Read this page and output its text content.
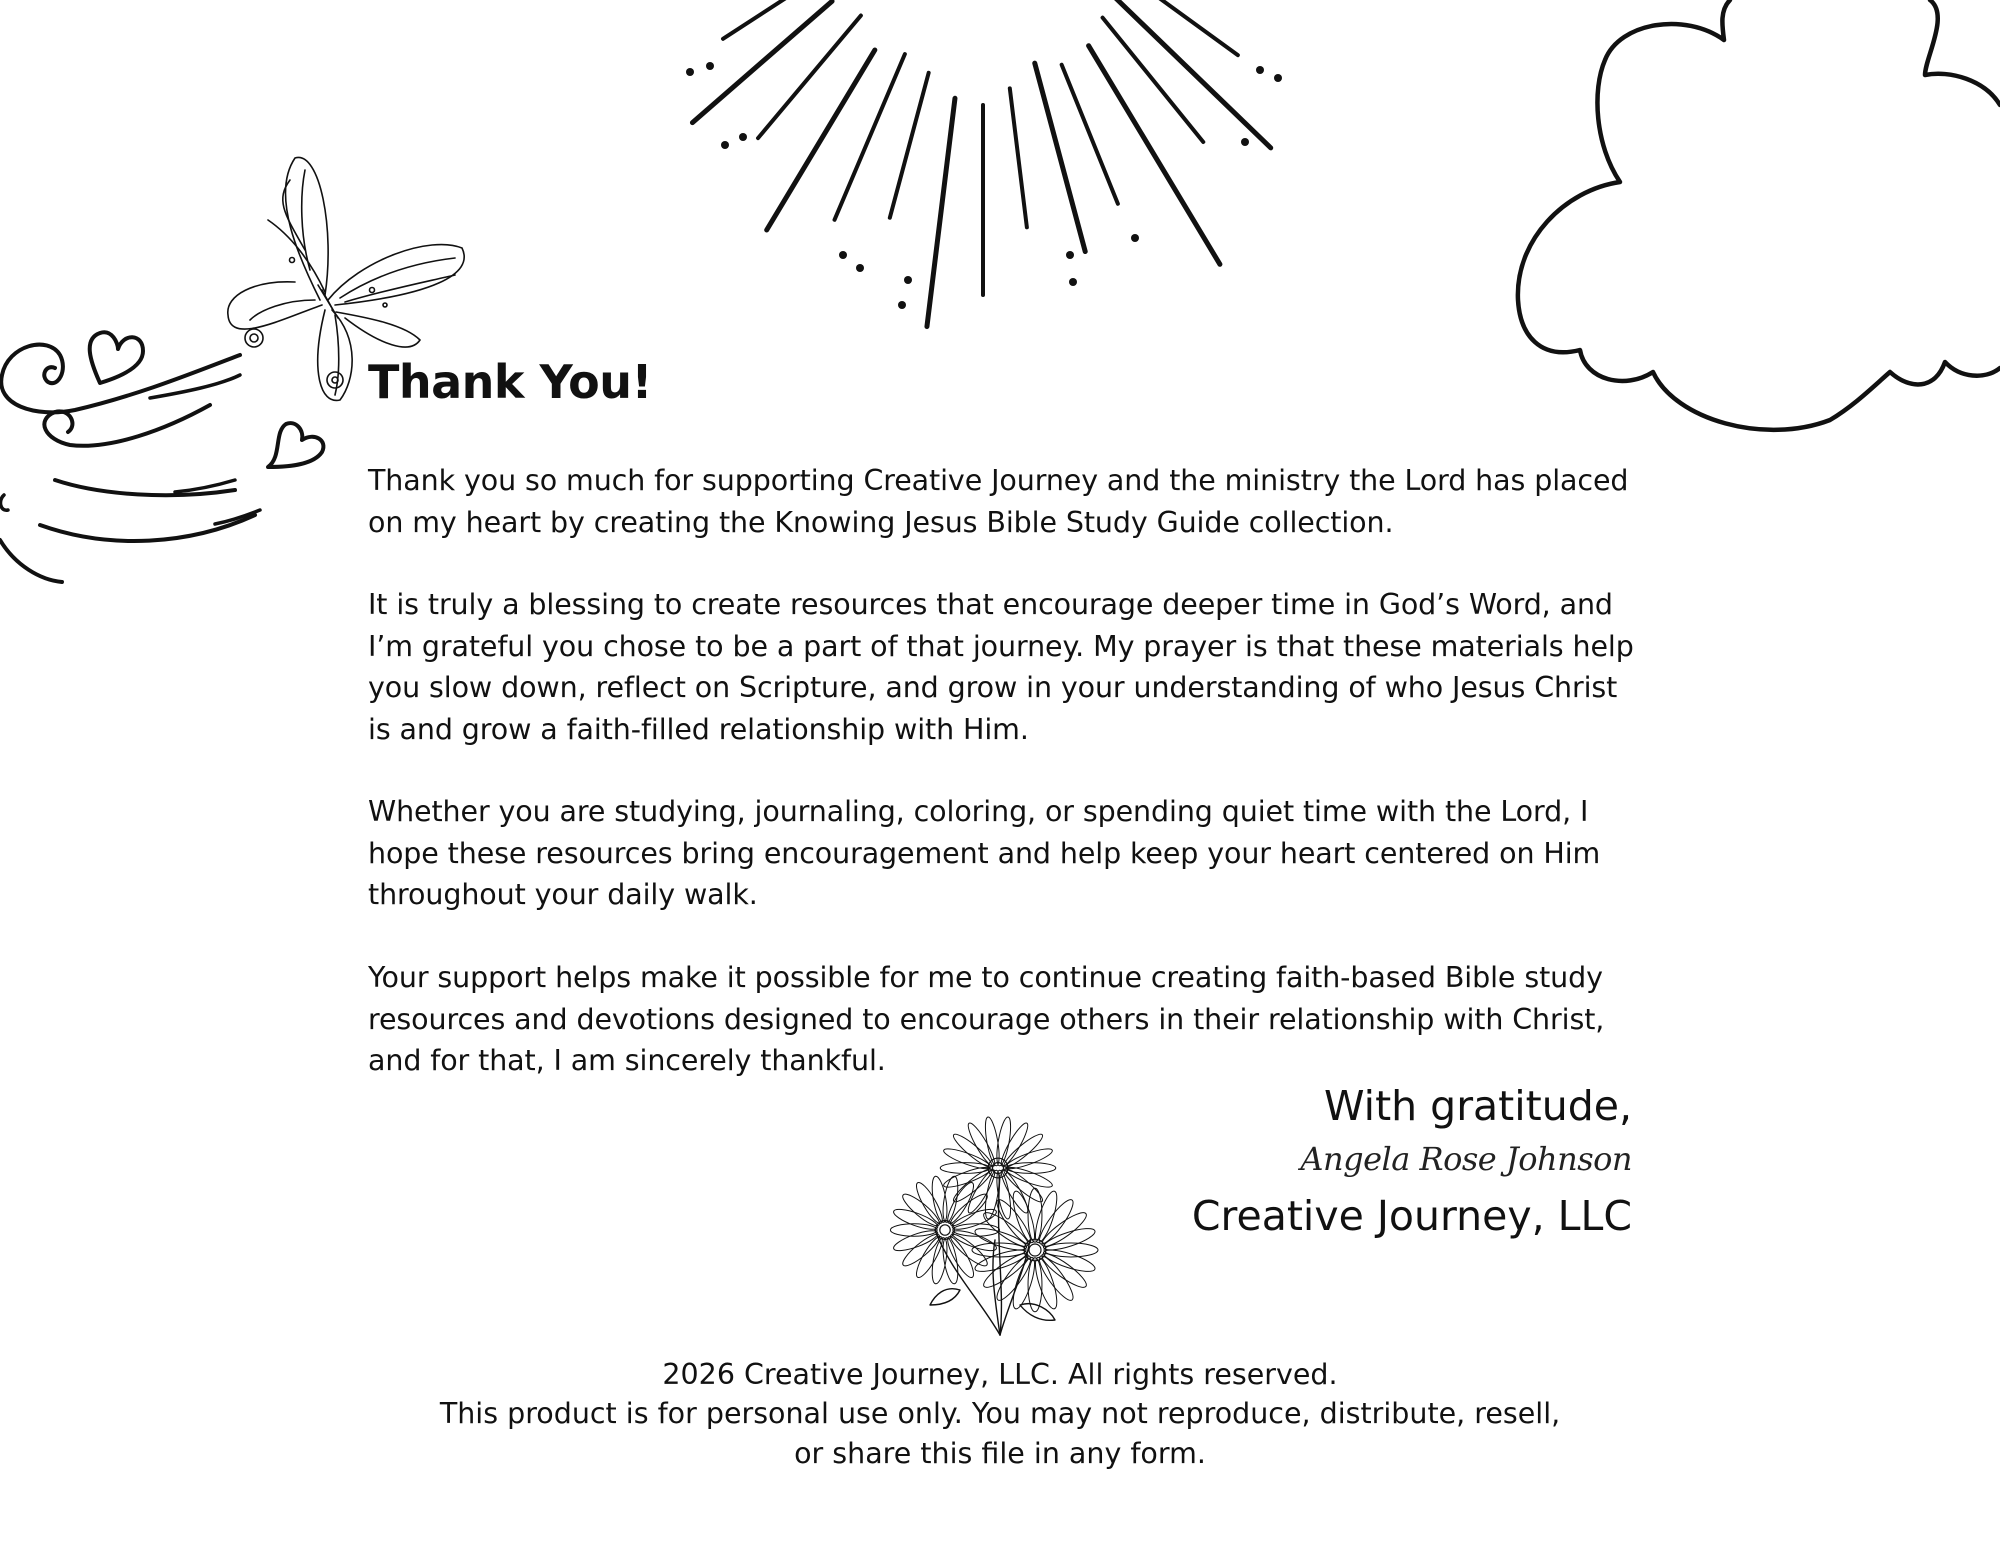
Thank You!

Thank you so much for supporting Creative Journey and the ministry the Lord has placed on my heart by creating the Knowing Jesus Bible Study Guide collection.

It is truly a blessing to create resources that encourage deeper time in God’s Word, and I’m grateful you chose to be a part of that journey. My prayer is that these materials help you slow down, reflect on Scripture, and grow in your understanding of who Jesus Christ is and grow a faith-filled relationship with Him.

Whether you are studying, journaling, coloring, or spending quiet time with the Lord, I hope these resources bring encouragement and help keep your heart centered on Him throughout your daily walk.

Your support helps make it possible for me to continue creating faith-based Bible study resources and devotions designed to encourage others in their relationship with Christ, and for that, I am sincerely thankful.

With gratitude,

Angela Rose Johnson

Creative Journey, LLC

2026 Creative Journey, LLC. All rights reserved.

This product is for personal use only. You may not reproduce, distribute, resell,

or share this file in any form.
